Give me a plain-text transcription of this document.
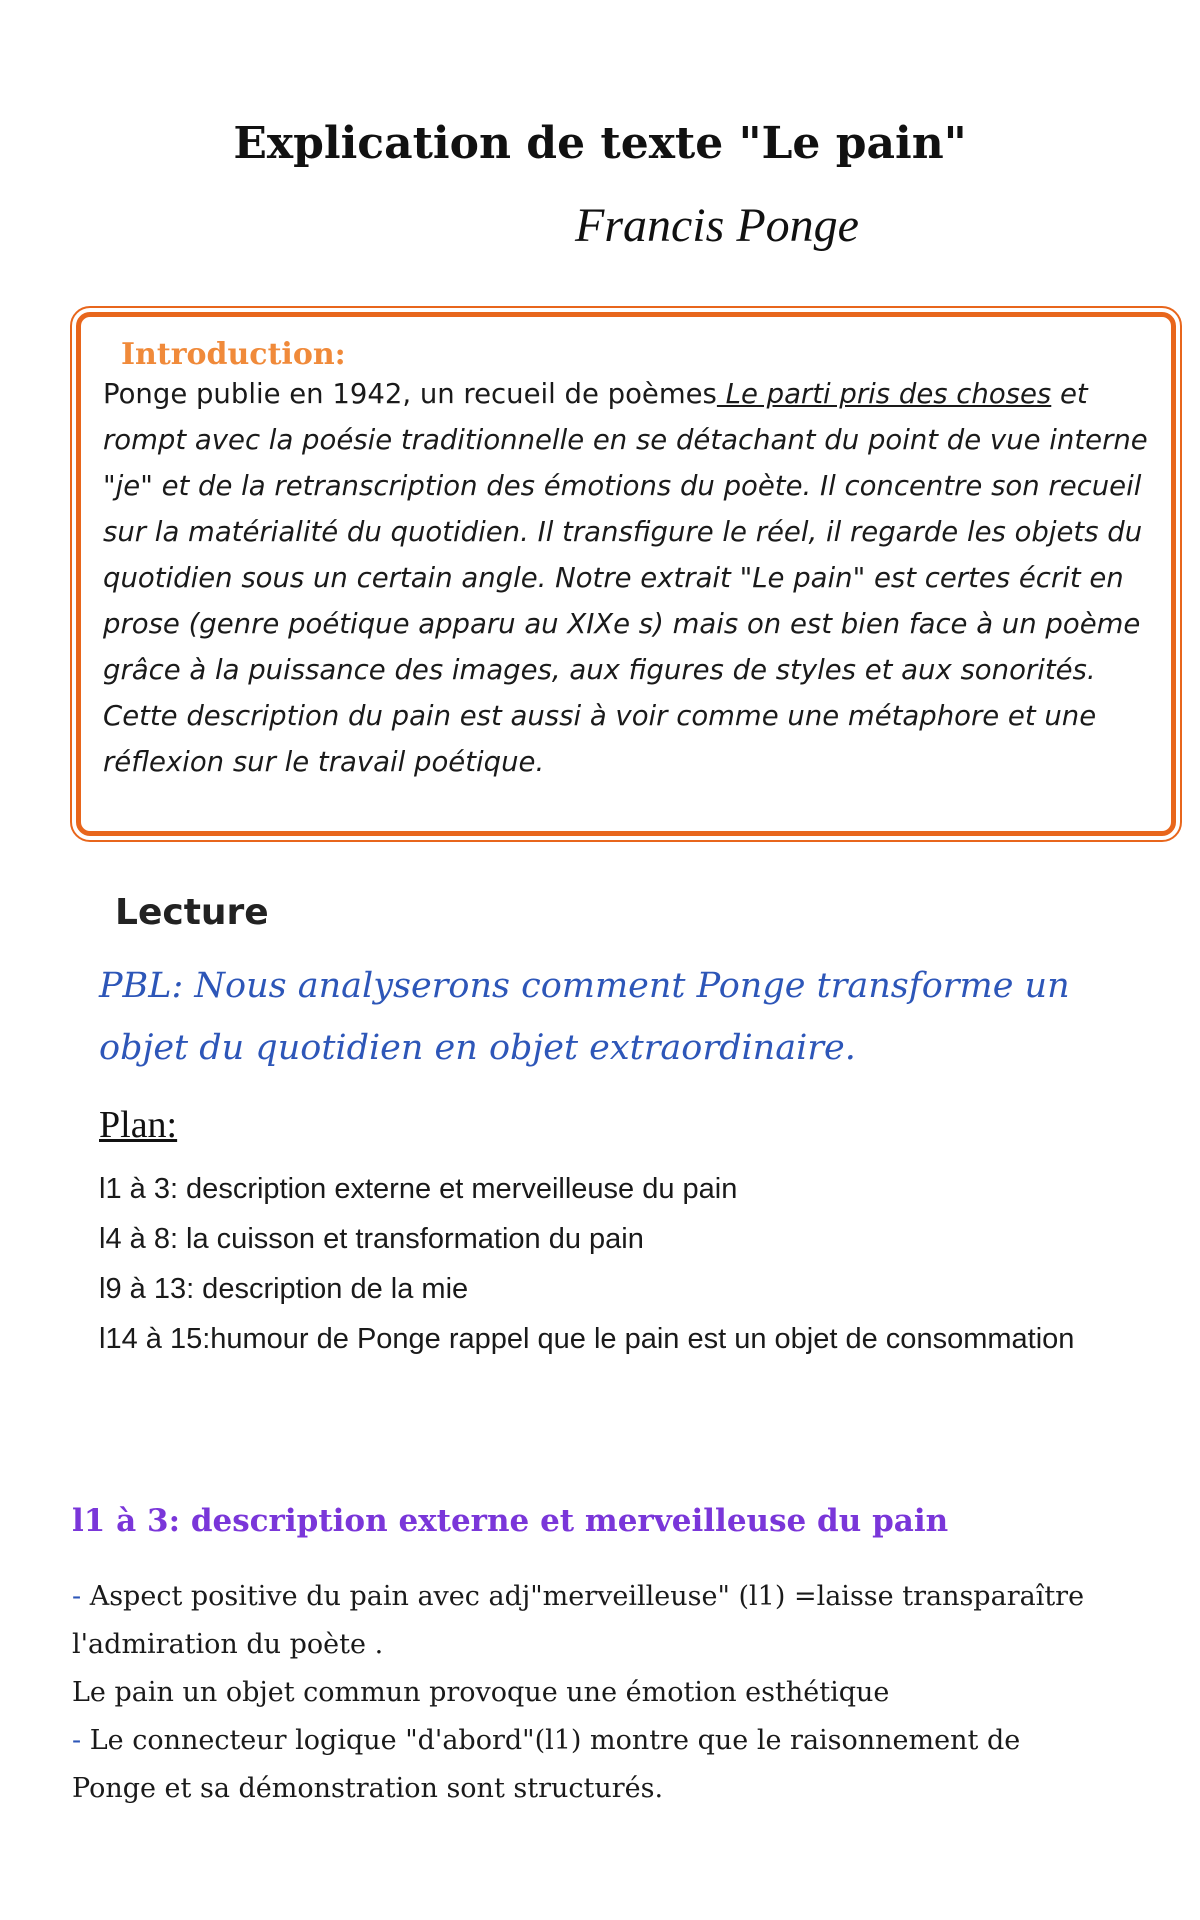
Explication de texte "Le pain"
Francis Ponge
Introduction:
Ponge publie en 1942, un recueil de poèmes Le parti pris des choses et rompt avec la poésie traditionnelle en se détachant du point de vue interne "je" et de la retranscription des émotions du poète. Il concentre son recueil sur la matérialité du quotidien. Il transfigure le réel, il regarde les objets du quotidien sous un certain angle. Notre extrait "Le pain" est certes écrit en prose (genre poétique apparu au XIXe s) mais on est bien face à un poème grâce à la puissance des images, aux figures de styles et aux sonorités. Cette description du pain est aussi à voir comme une métaphore et une réflexion sur le travail poétique.
Lecture
PBL: Nous analyserons comment Ponge transforme un objet du quotidien en objet extraordinaire.
Plan:
l1 à 3: description externe et merveilleuse du pain
l4 à 8: la cuisson et transformation du pain
l9 à 13: description de la mie
l14 à 15:humour de Ponge rappel que le pain est un objet de consommation
l1 à 3: description externe et merveilleuse du pain
- Aspect positive du pain avec adj"merveilleuse" (l1) =laisse transparaître l'admiration du poète .
Le pain un objet commun provoque une émotion esthétique
- Le connecteur logique "d'abord"(l1) montre que le raisonnement de Ponge et sa démonstration sont structurés.
